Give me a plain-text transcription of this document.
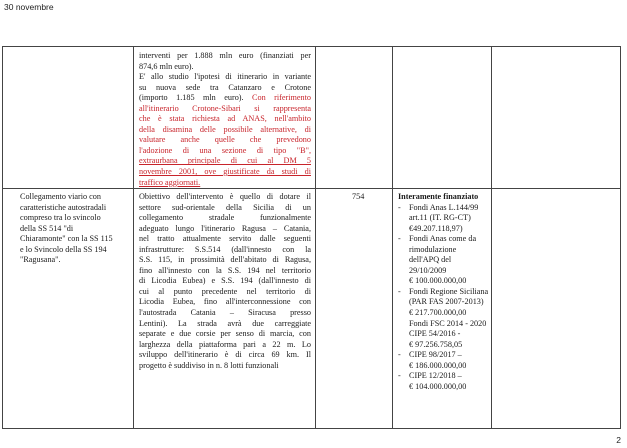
30 novembre

interventi per 1.888 mln euro (finanziati per

874,6 mln euro).

E' allo studio l'ipotesi di itinerario in variante

su nuova sede tra Catanzaro e Crotone

(importo 1.185 mln euro). Con riferimento

all'itinerario Crotone-Sibari si rappresenta

che è stata richiesta ad ANAS, nell'ambito

della disamina delle possibile alternative, di

valutare anche quelle che prevedono

l'adozione di una sezione di tipo "B",

extraurbana principale di cui al DM 5

novembre 2001, ove giustificate da studi di

traffico aggiornati.

Collegamento viario con

caratteristiche autostradali

compreso tra lo svincolo

della SS 514 "di

Chiaramonte" con la SS 115

e lo Svincolo della SS 194

"Ragusana".

Obiettivo dell'intervento è quello di dotare il

settore sud-orientale della Sicilia di un

collegamento stradale funzionalmente

adeguato lungo l'itinerario Ragusa – Catania,

nel tratto attualmente servito dalle seguenti

infrastrutture: S.S.514 (dall'innesto con la

S.S. 115, in prossimità dell'abitato di Ragusa,

fino all'innesto con la S.S. 194 nel territorio

di Licodia Eubea) e S.S. 194 (dall'innesto di

cui al punto precedente nel territorio di

Licodia Eubea, fino all'interconnessione con

l'autostrada Catania – Siracusa presso

Lentini). La strada avrà due carreggiate

separate e due corsie per senso di marcia, con

larghezza della piattaforma pari a 22 m. Lo

sviluppo dell'itinerario è di circa 69 km. Il

progetto è suddiviso in n. 8 lotti funzionali

754	Interamente finanziato

- Fondi Anas L.144/99
art.11 (IT. RG-CT)
€49.207.118,97)
- Fondi Anas come da
rimodulazione
dell'APQ del
29/10/2009
€ 100.000.000,00
- Fondi Regione Siciliana
(PAR FAS 2007-2013)
€ 217.700.000,00
Fondi FSC 2014 - 2020
CIPE 54/2016 -
€ 97.256.758,05
- CIPE 98/2017 –
€ 186.000.000,00
- CIPE 12/2018 –
€ 104.000.000,00
2
